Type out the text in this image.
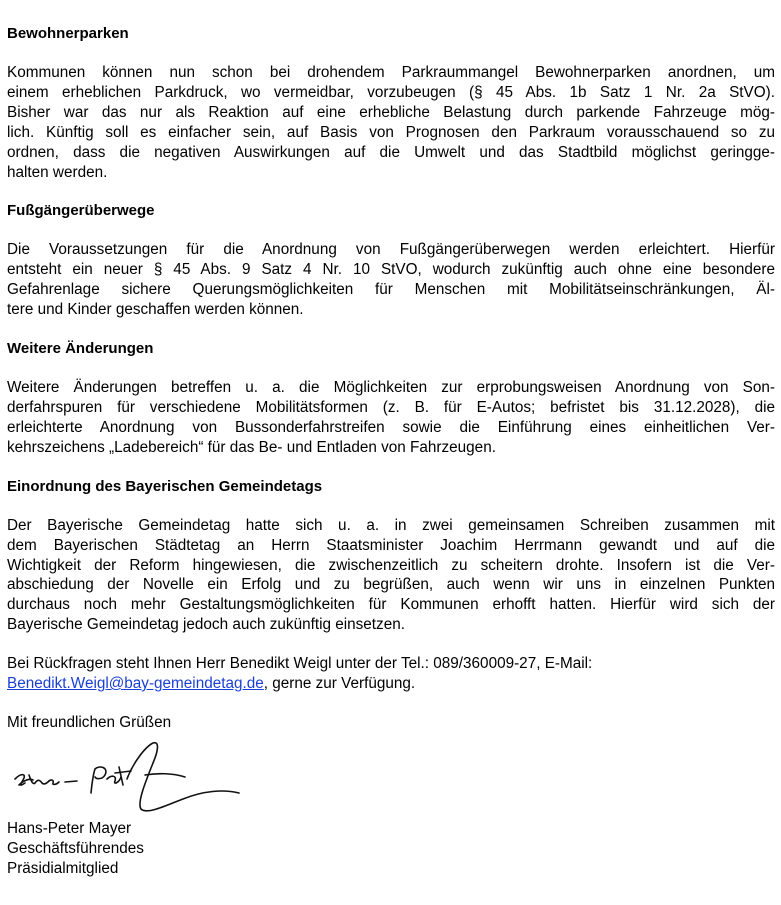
Bewohnerparken
Kommunen können nun schon bei drohendem Parkraummangel Bewohnerparken anordnen, um
einem erheblichen Parkdruck, wo vermeidbar, vorzubeugen (§ 45 Abs. 1b Satz 1 Nr. 2a StVO).
Bisher war das nur als Reaktion auf eine erhebliche Belastung durch parkende Fahrzeuge mög-
lich. Künftig soll es einfacher sein, auf Basis von Prognosen den Parkraum vorausschauend so zu
ordnen, dass die negativen Auswirkungen auf die Umwelt und das Stadtbild möglichst geringge-
halten werden.
Fußgängerüberwege
Die Voraussetzungen für die Anordnung von Fußgängerüberwegen werden erleichtert. Hierfür
entsteht ein neuer § 45 Abs. 9 Satz 4 Nr. 10 StVO, wodurch zukünftig auch ohne eine besondere
Gefahrenlage sichere Querungsmöglichkeiten für Menschen mit Mobilitätseinschränkungen, Äl-
tere und Kinder geschaffen werden können.
Weitere Änderungen
Weitere Änderungen betreffen u. a. die Möglichkeiten zur erprobungsweisen Anordnung von Son-
derfahrspuren für verschiedene Mobilitätsformen (z. B. für E-Autos; befristet bis 31.12.2028), die
erleichterte Anordnung von Bussonderfahrstreifen sowie die Einführung eines einheitlichen Ver-
kehrszeichens „Ladebereich“ für das Be- und Entladen von Fahrzeugen.
Einordnung des Bayerischen Gemeindetags
Der Bayerische Gemeindetag hatte sich u. a. in zwei gemeinsamen Schreiben zusammen mit
dem Bayerischen Städtetag an Herrn Staatsminister Joachim Herrmann gewandt und auf die
Wichtigkeit der Reform hingewiesen, die zwischenzeitlich zu scheitern drohte. Insofern ist die Ver-
abschiedung der Novelle ein Erfolg und zu begrüßen, auch wenn wir uns in einzelnen Punkten
durchaus noch mehr Gestaltungsmöglichkeiten für Kommunen erhofft hatten. Hierfür wird sich der
Bayerische Gemeindetag jedoch auch zukünftig einsetzen.
Bei Rückfragen steht Ihnen Herr Benedikt Weigl unter der Tel.: 089/360009-27, E-Mail:
Benedikt.Weigl@bay-gemeindetag.de, gerne zur Verfügung.
Mit freundlichen Grüßen
Hans-Peter Mayer
Geschäftsführendes
Präsidialmitglied
